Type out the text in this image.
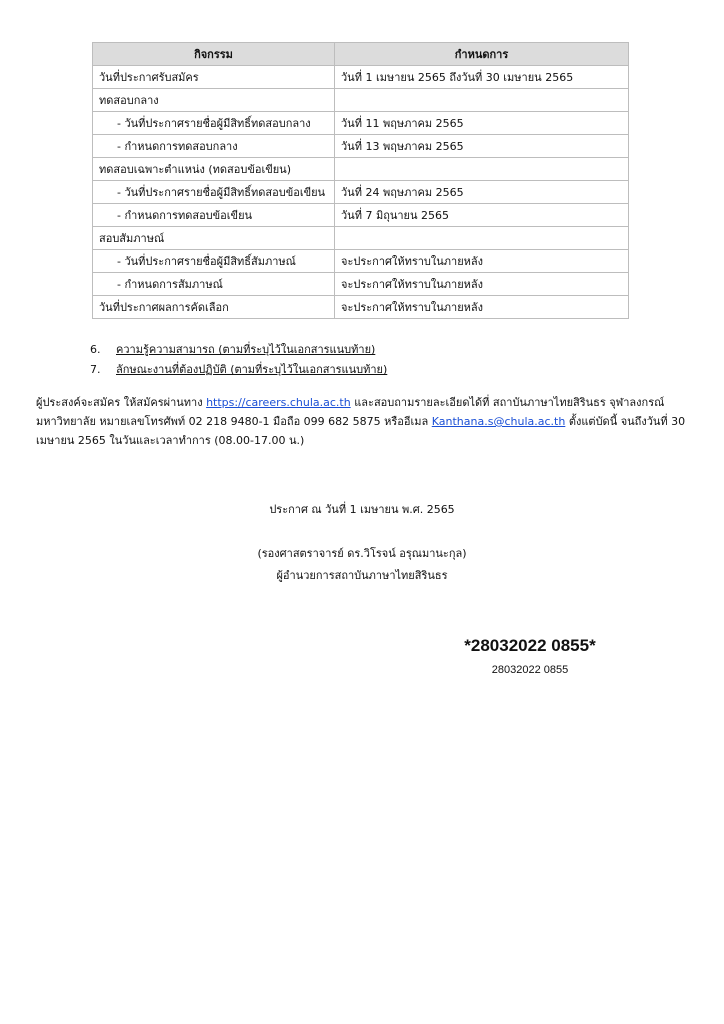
กิจกรรม	กำหนดการ
วันที่ประกาศรับสมัคร	วันที่ 1 เมษายน 2565 ถึงวันที่ 30 เมษายน 2565
ทดสอบกลาง	
- วันที่ประกาศรายชื่อผู้มีสิทธิ์ทดสอบกลาง	วันที่ 11 พฤษภาคม 2565
- กำหนดการทดสอบกลาง	วันที่ 13 พฤษภาคม 2565
ทดสอบเฉพาะตำแหน่ง (ทดสอบข้อเขียน)	
- วันที่ประกาศรายชื่อผู้มีสิทธิ์ทดสอบข้อเขียน	วันที่ 24 พฤษภาคม 2565
- กำหนดการทดสอบข้อเขียน	วันที่ 7 มิถุนายน 2565
สอบสัมภาษณ์	
- วันที่ประกาศรายชื่อผู้มีสิทธิ์สัมภาษณ์	จะประกาศให้ทราบในภายหลัง
- กำหนดการสัมภาษณ์	จะประกาศให้ทราบในภายหลัง
วันที่ประกาศผลการคัดเลือก	จะประกาศให้ทราบในภายหลัง
6. ความรู้ความสามารถ (ตามที่ระบุไว้ในเอกสารแนบท้าย)
7. ลักษณะงานที่ต้องปฏิบัติ (ตามที่ระบุไว้ในเอกสารแนบท้าย)
ผู้ประสงค์จะสมัคร ให้สมัครผ่านทาง https://careers.chula.ac.th และสอบถามรายละเอียดได้ที่ สถาบันภาษาไทยสิรินธร จุฬาลงกรณ์มหาวิทยาลัย หมายเลขโทรศัพท์ 02 218 9480-1 มือถือ 099 682 5875 หรืออีเมล Kanthana.s@chula.ac.th ตั้งแต่บัดนี้ จนถึงวันที่ 30 เมษายน 2565 ในวันและเวลาทำการ (08.00-17.00 น.)
ประกาศ ณ วันที่ 1 เมษายน พ.ศ. 2565
(รองศาสตราจารย์ ดร.วิโรจน์ อรุณมานะกุล)
ผู้อำนวยการสถาบันภาษาไทยสิรินธร
*28032022 0855*
28032022 0855
